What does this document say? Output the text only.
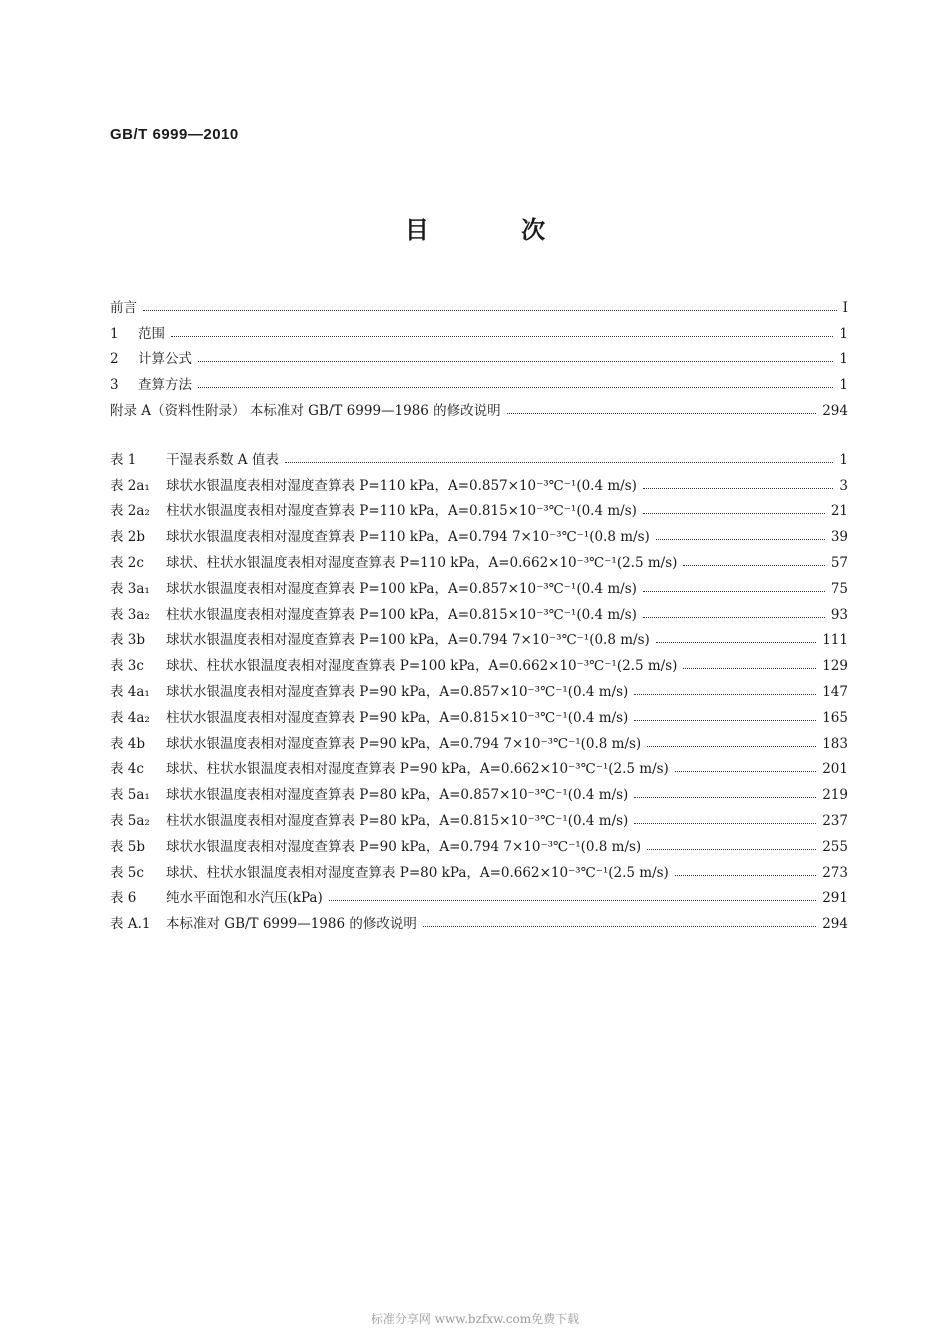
GB/T 6999—2010
目 次
前言	I
1 范围	1
2 计算公式	1
3 查算方法	1
附录 A（资料性附录） 本标准对 GB/T 6999—1986 的修改说明	294
表 1 干湿表系数 A 值表	1
表 2a₁ 球状水银温度表相对湿度查算表 P=110 kPa，A=0.857×10⁻³℃⁻¹(0.4 m/s)	3
表 2a₂ 柱状水银温度表相对湿度查算表 P=110 kPa，A=0.815×10⁻³℃⁻¹(0.4 m/s)	21
表 2b 球状水银温度表相对湿度查算表 P=110 kPa，A=0.794 7×10⁻³℃⁻¹(0.8 m/s)	39
表 2c 球状、柱状水银温度表相对湿度查算表 P=110 kPa，A=0.662×10⁻³℃⁻¹(2.5 m/s)	57
表 3a₁ 球状水银温度表相对湿度查算表 P=100 kPa，A=0.857×10⁻³℃⁻¹(0.4 m/s)	75
表 3a₂ 柱状水银温度表相对湿度查算表 P=100 kPa，A=0.815×10⁻³℃⁻¹(0.4 m/s)	93
表 3b 球状水银温度表相对湿度查算表 P=100 kPa，A=0.794 7×10⁻³℃⁻¹(0.8 m/s)	111
表 3c 球状、柱状水银温度表相对湿度查算表 P=100 kPa，A=0.662×10⁻³℃⁻¹(2.5 m/s)	129
表 4a₁ 球状水银温度表相对湿度查算表 P=90 kPa，A=0.857×10⁻³℃⁻¹(0.4 m/s)	147
表 4a₂ 柱状水银温度表相对湿度查算表 P=90 kPa，A=0.815×10⁻³℃⁻¹(0.4 m/s)	165
表 4b 球状水银温度表相对湿度查算表 P=90 kPa，A=0.794 7×10⁻³℃⁻¹(0.8 m/s)	183
表 4c 球状、柱状水银温度表相对湿度查算表 P=90 kPa，A=0.662×10⁻³℃⁻¹(2.5 m/s)	201
表 5a₁ 球状水银温度表相对湿度查算表 P=80 kPa，A=0.857×10⁻³℃⁻¹(0.4 m/s)	219
表 5a₂ 柱状水银温度表相对湿度查算表 P=80 kPa，A=0.815×10⁻³℃⁻¹(0.4 m/s)	237
表 5b 球状水银温度表相对湿度查算表 P=90 kPa，A=0.794 7×10⁻³℃⁻¹(0.8 m/s)	255
表 5c 球状、柱状水银温度表相对湿度查算表 P=80 kPa，A=0.662×10⁻³℃⁻¹(2.5 m/s)	273
表 6 纯水平面饱和水汽压(kPa)	291
表 A.1 本标准对 GB/T 6999—1986 的修改说明	294
标准分享网 www.bzfxw.com免费下载
